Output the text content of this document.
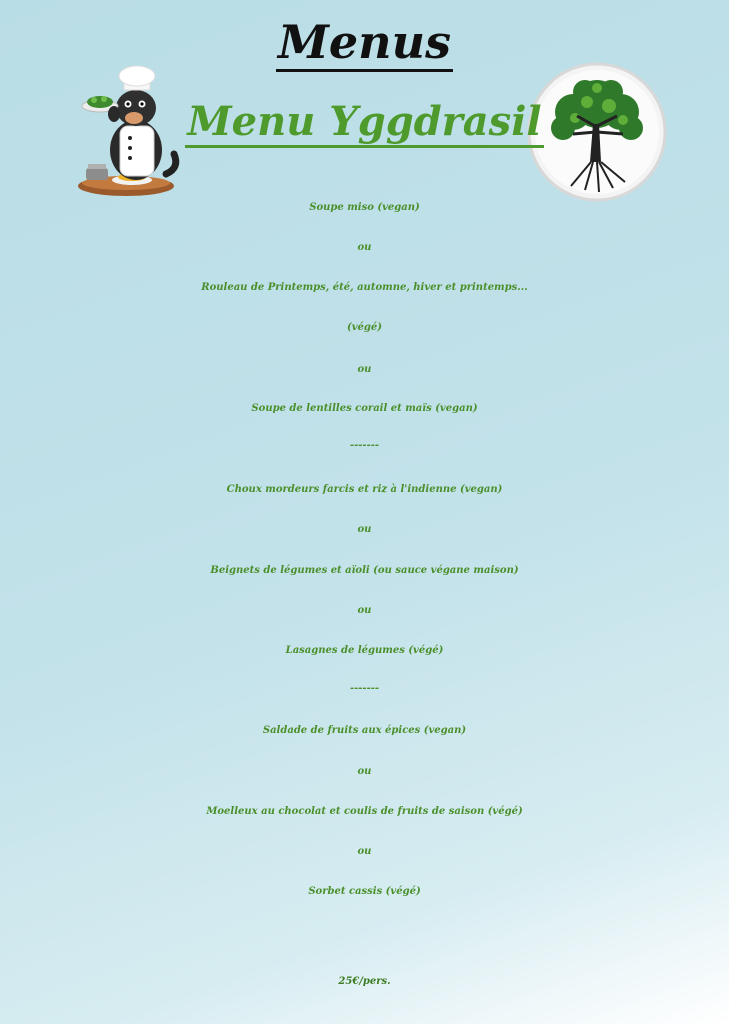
Menus
Menu Yggdrasil
Soupe miso (vegan)
ou
Rouleau de Printemps, été, automne, hiver et printemps...
(végé)
ou
Soupe de lentilles corail et maïs (vegan)
-------
Choux mordeurs farcis et riz à l'indienne (vegan)
ou
Beignets de légumes et aïoli (ou sauce végane maison)
ou
Lasagnes de légumes (végé)
-------
Saldade de fruits aux épices (vegan)
ou
Moelleux au chocolat et coulis de fruits de saison (végé)
ou
Sorbet cassis (végé)
25€/pers.
